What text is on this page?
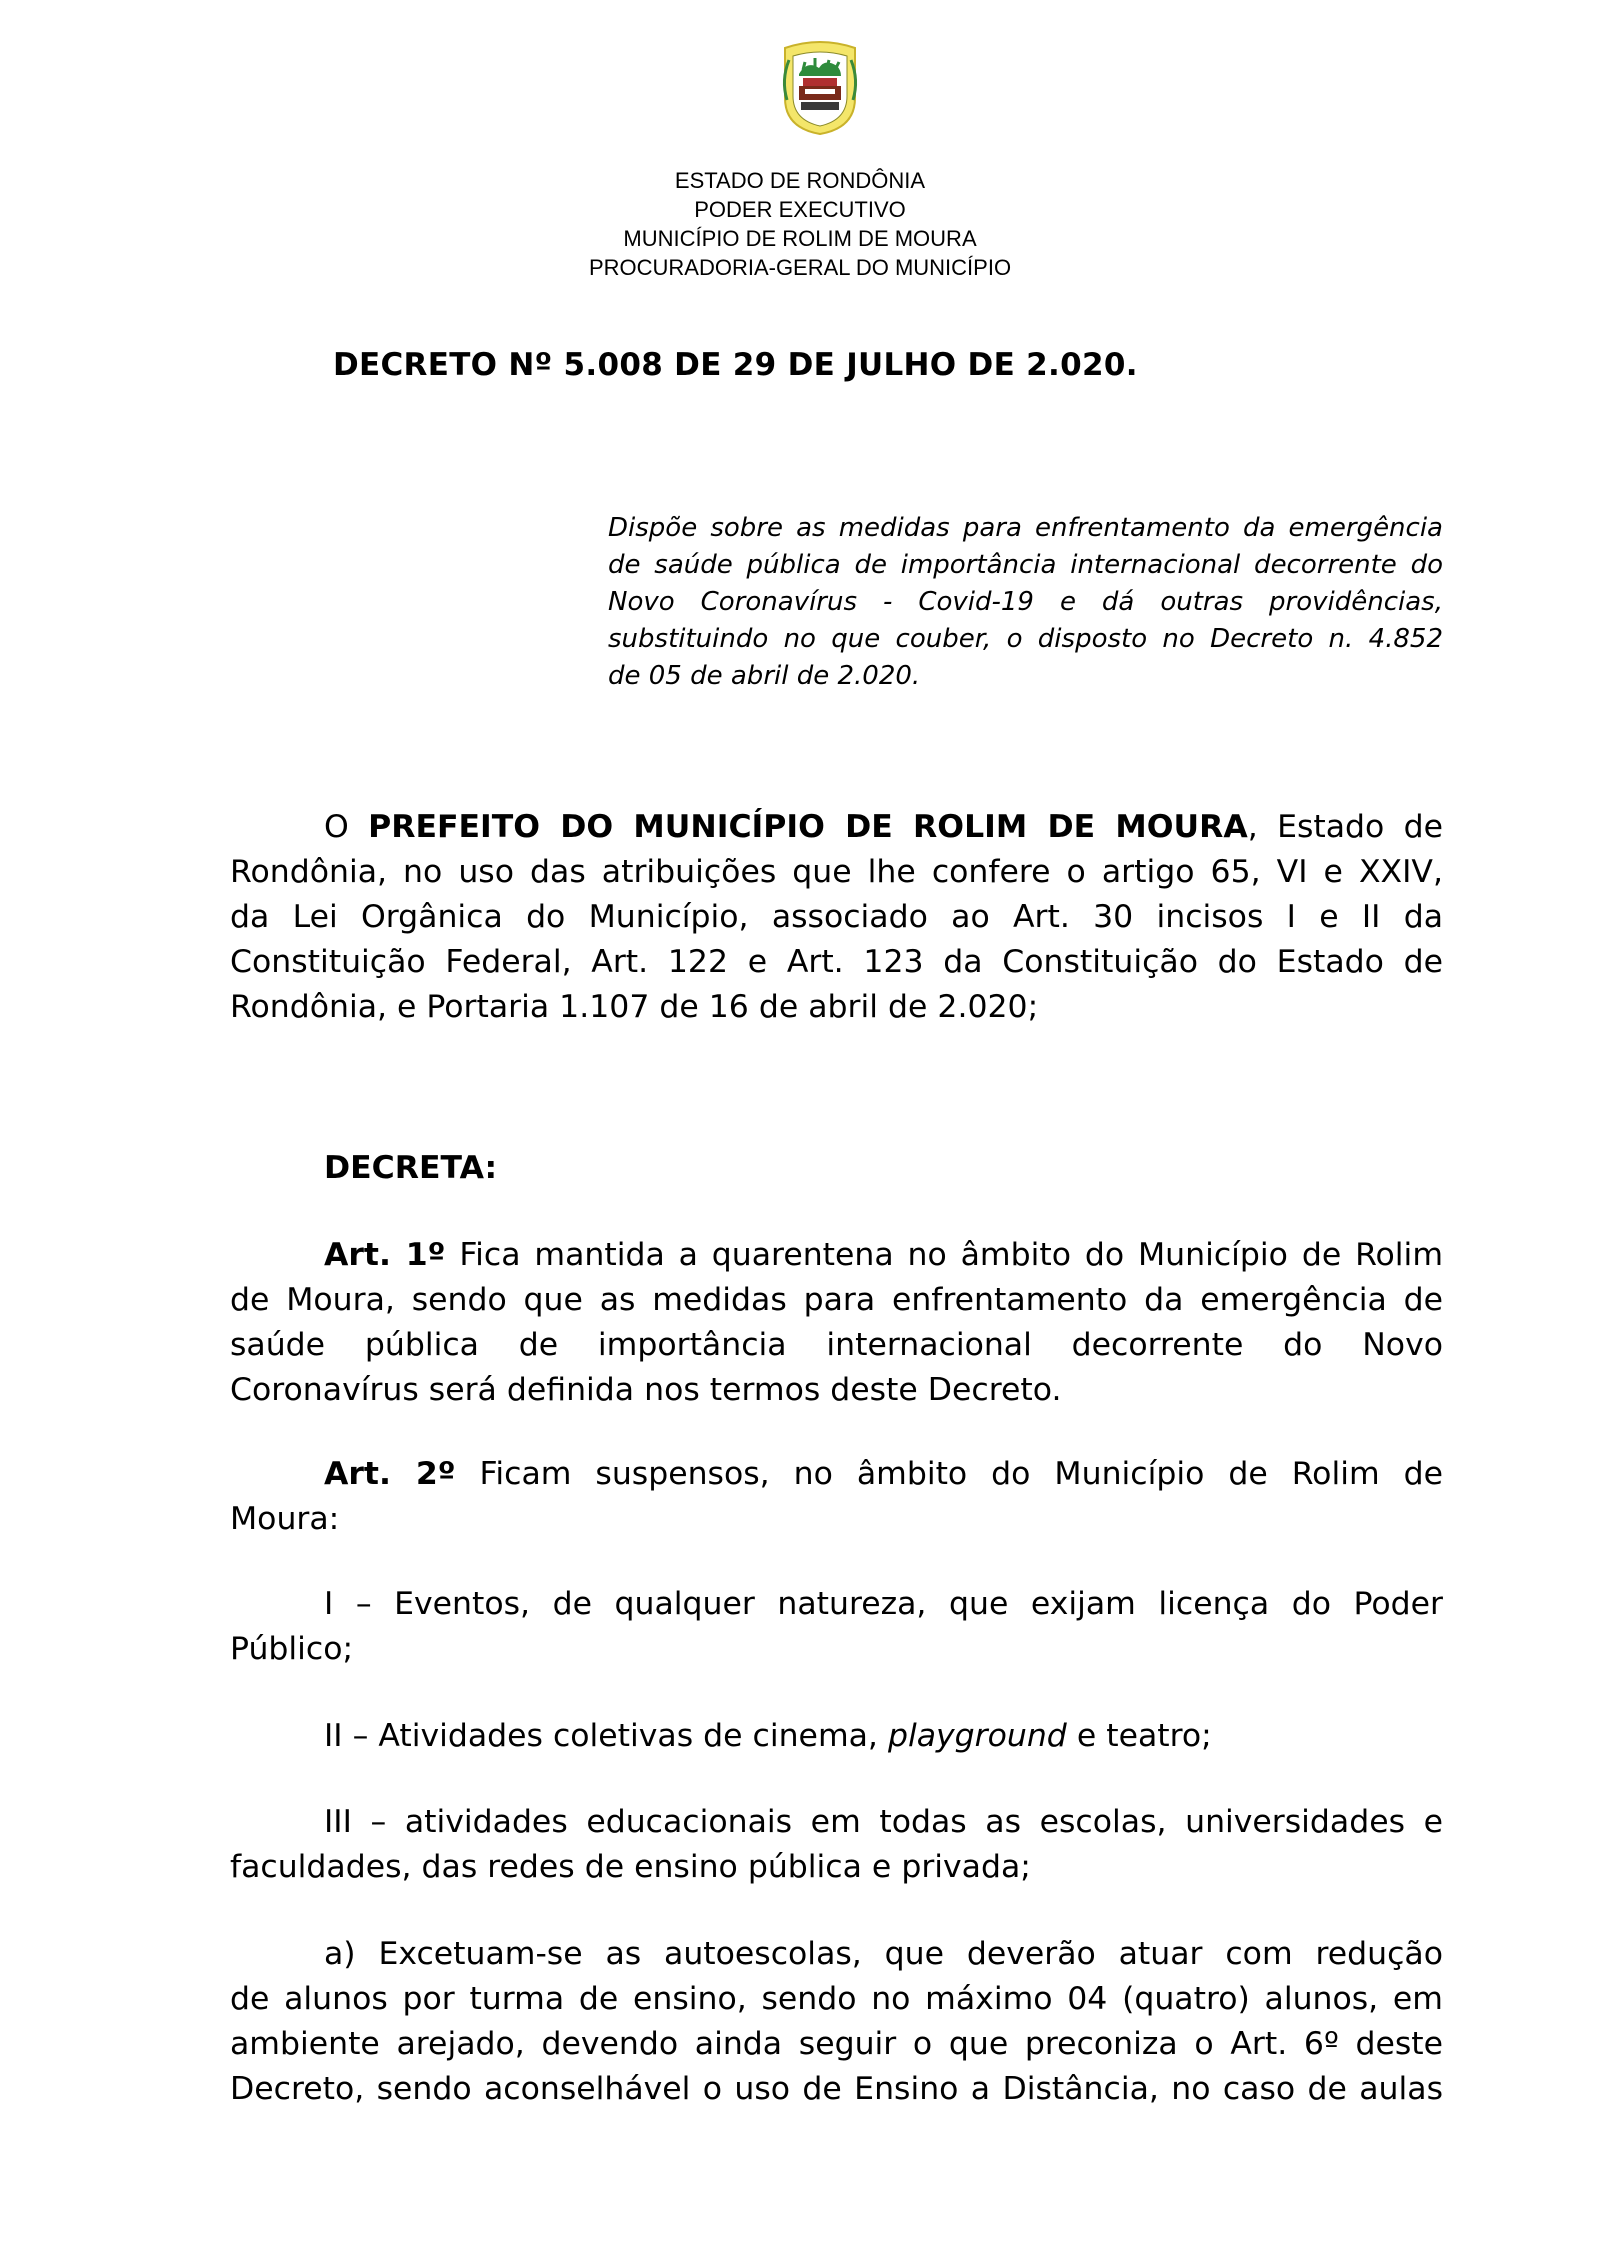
ESTADO DE RONDÔNIA
PODER EXECUTIVO
MUNICÍPIO DE ROLIM DE MOURA
PROCURADORIA-GERAL DO MUNICÍPIO
DECRETO Nº 5.008 DE 29 DE JULHO DE 2.020.
Dispõe sobre as medidas para enfrentamento da emergência
de saúde pública de importância internacional decorrente do
Novo Coronavírus - Covid-19 e dá outras providências,
substituindo no que couber, o disposto no Decreto n. 4.852
de 05 de abril de 2.020.
O PREFEITO DO MUNICÍPIO DE ROLIM DE MOURA, Estado de
Rondônia, no uso das atribuições que lhe confere o artigo 65, VI e XXIV,
da Lei Orgânica do Município, associado ao Art. 30 incisos I e II da
Constituição Federal, Art. 122 e Art. 123 da Constituição do Estado de
Rondônia, e Portaria 1.107 de 16 de abril de 2.020;
DECRETA:
Art. 1º Fica mantida a quarentena no âmbito do Município de Rolim
de Moura, sendo que as medidas para enfrentamento da emergência de
saúde pública de importância internacional decorrente do Novo
Coronavírus será definida nos termos deste Decreto.
Art. 2º Ficam suspensos, no âmbito do Município de Rolim de
Moura:
I – Eventos, de qualquer natureza, que exijam licença do Poder
Público;
II – Atividades coletivas de cinema, playground e teatro;
III – atividades educacionais em todas as escolas, universidades e
faculdades, das redes de ensino pública e privada;
a) Excetuam-se as autoescolas, que deverão atuar com redução
de alunos por turma de ensino, sendo no máximo 04 (quatro) alunos, em
ambiente arejado, devendo ainda seguir o que preconiza o Art. 6º deste
Decreto, sendo aconselhável o uso de Ensino a Distância, no caso de aulas
